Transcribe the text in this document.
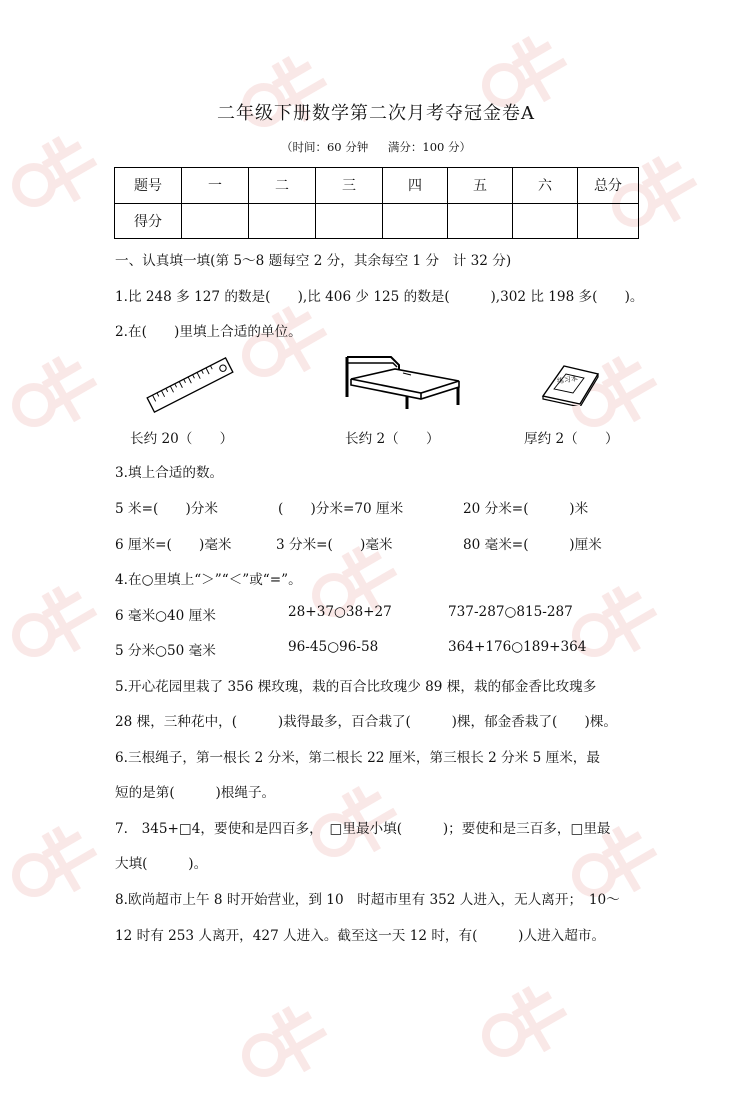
二年级下册数学第二次月考夺冠金卷A
（时间：60 分钟 满分：100 分）
题号	一	二	三	四	五	六	总分
得分							
一、认真填一填(第 5～8 题每空 2 分，其余每空 1 分　计 32 分)
1.比 248 多 127 的数是(　　),比 406 少 125 的数是(　　　),302 比 198 多(　　)。
2.在(　　)里填上合适的单位。
练习本
长约 20（　　）	长约 2（　　）	厚约 2（　　）
3.填上合适的数。
5 米=(　　)分米	(　　)分米=70 厘米	20 分米=(　　　)米
6 厘米=(　　)毫米	3 分米=(　　)毫米	80 毫米=(　　　)厘米
4.在○里填上“＞”“＜”或“=”。
6 毫米○40 厘米	28+37○38+27	737-287○815-287
5 分米○50 毫米	96-45○96-58	364+176○189+364
5.开心花园里栽了 356 棵玫瑰，栽的百合比玫瑰少 89 棵，栽的郁金香比玫瑰多
28 棵，三种花中，(　　　)栽得最多，百合栽了(　　　)棵，郁金香栽了(　　)棵。
6.三根绳子，第一根长 2 分米，第二根长 22 厘米，第三根长 2 分米 5 厘米，最
短的是第(　　　)根绳子。
7.　345+□4，要使和是四百多，　□里最小填(　　　)；要使和是三百多，□里最
大填(　　　)。
8.欧尚超市上午 8 时开始营业，到 10　时超市里有 352 人进入，无人离开；　10～
12 时有 253 人离开，427 人进入。截至这一天 12 时，有(　　　)人进入超市。
